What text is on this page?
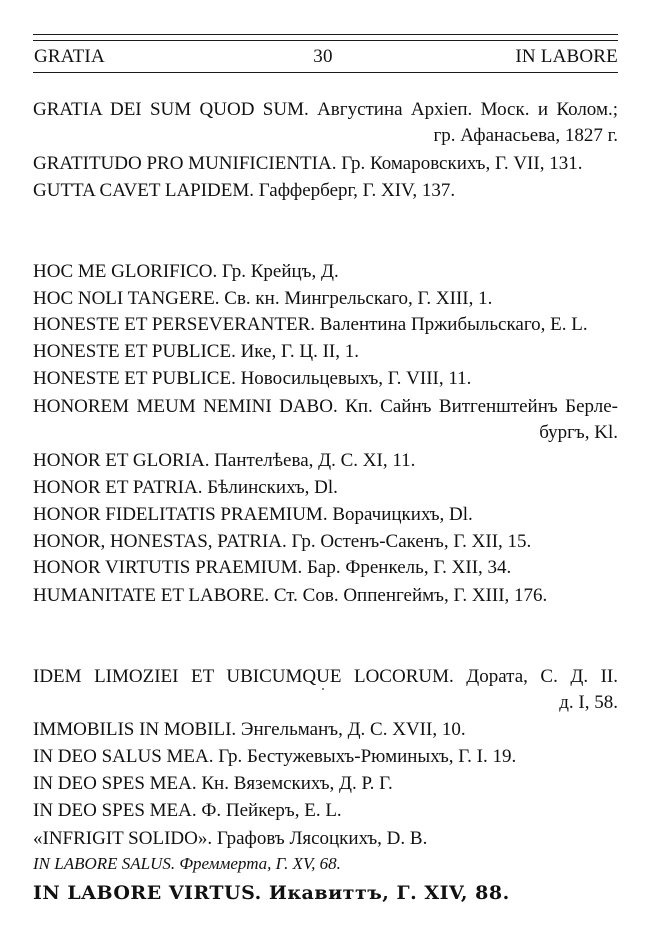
GRATIA	30	IN LABORE
GRATIA DEI SUM QUOD SUM. Августина Архіеп. Моск. и Колом.;
гр. Афанасьева, 1827 г.
GRATITUDO PRO MUNIFICIENTIA. Гр. Комаровскихъ, Г. VII, 131.
GUTTA CAVET LAPIDEM. Гафферберг, Г. XIV, 137.
HOC ME GLORIFICO. Гр. Крейцъ, Д.
HOC NOLI TANGERE. Св. кн. Мингрельскаго, Г. XIII, 1.
HONESTE ET PERSEVERANTER. Валентина Пржибыльскаго, Е. L.
HONESTE ET PUBLICE. Ике, Г. Ц. II, 1.
HONESTE ET PUBLICE. Новосильцевыхъ, Г. VIII, 11.
HONOREM MEUM NEMINI DABO. Кп. Сайнъ Витгенштейнъ Берле-
бургъ, Kl.
HONOR ET GLORIA. Пантелѣева, Д. С. XI, 11.
HONOR ET PATRIA. Бѣлинскихъ, Dl.
HONOR FIDELITATIS PRAEMIUM. Ворачицкихъ, Dl.
HONOR, HONESTAS, PATRIA. Гр. Остенъ-Сакенъ, Г. XII, 15.
HONOR VIRTUTIS PRAEMIUM. Бар. Френкель, Г. XII, 34.
HUMANITATE ET LABORE. Ст. Сов. Оппенгеймъ, Г. XIII, 176.
IDEM LIMOZIEI ET UBICUMQUE LOCORUM. Дората, С. Д. II.
д. I, 58.
IMMOBILIS IN MOBILI. Энгельманъ, Д. С. XVII, 10.
IN DEO SALUS MEA. Гр. Бестужевыхъ-Рюминыхъ, Г. I. 19.
IN DEO SPES MEA. Кн. Вяземскихъ, Д. Р. Г.
IN DEO SPES MEA. Ф. Пейкеръ, E. L.
«INFRIGIT SOLIDO». Графовъ Лясоцкихъ, D. B.
IN LABORE SALUS. Фреммерта, Г. XV, 68.
IN LABORE VIRTUS. Икавиттъ, Г. XIV, 88.
